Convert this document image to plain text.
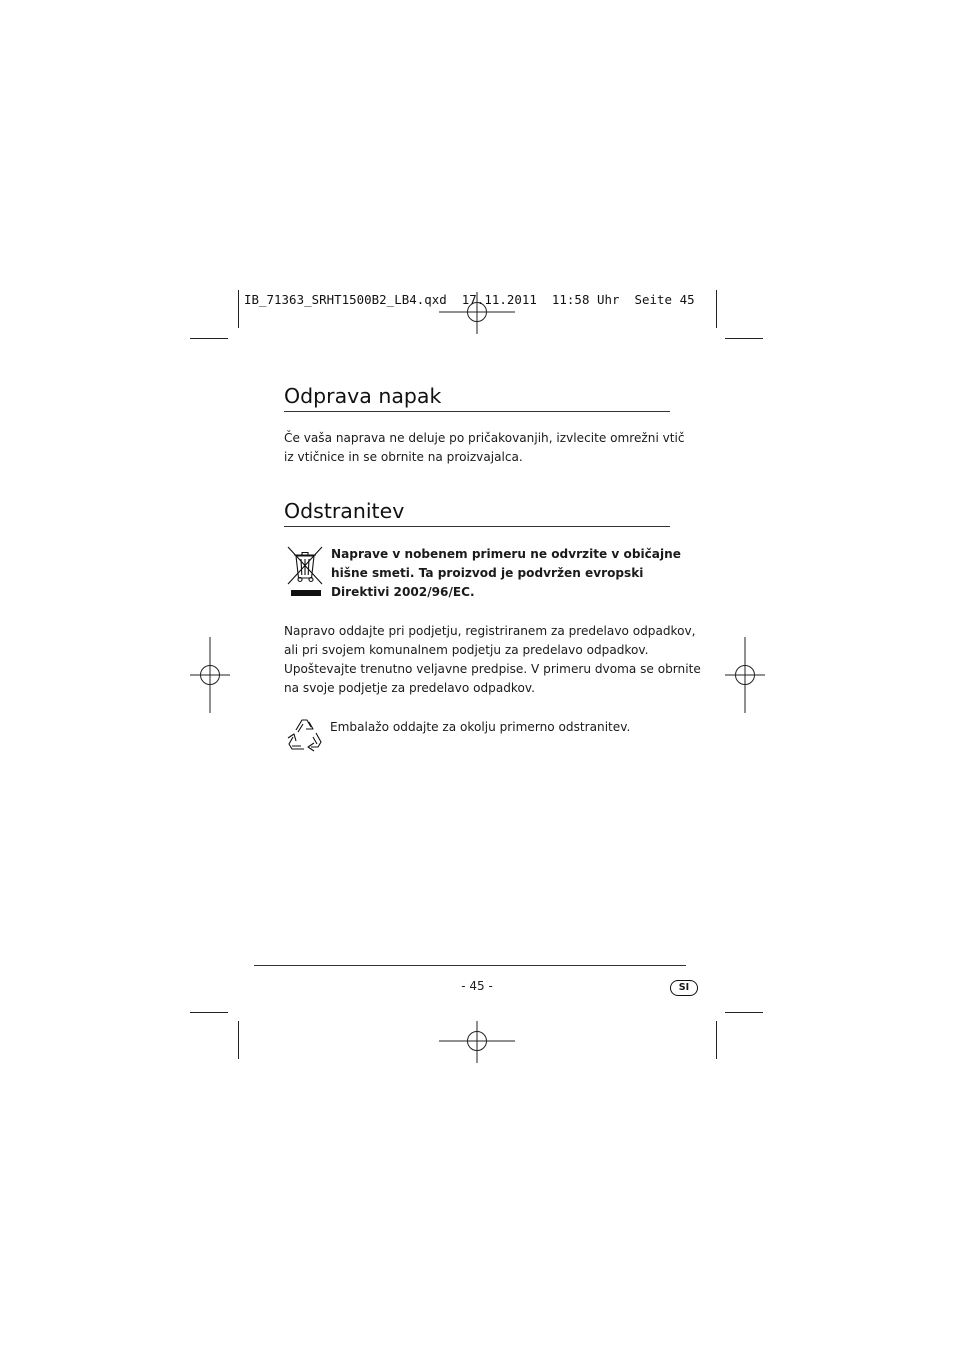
IB_71363_SRHT1500B2_LB4.qxd  17.11.2011  11:58 Uhr  Seite 45
Odprava napak

Če vaša naprava ne deluje po pričakovanjih, izvlecite omrežni vtič
iz vtičnice in se obrnite na proizvajalca.

Odstranitev

Naprave v nobenem primeru ne odvrzite v običajne
hišne smeti. Ta proizvod je podvržen evropski
Direktivi 2002/96/EC.

Napravo oddajte pri podjetju, registriranem za predelavo odpadkov,
ali pri svojem komunalnem podjetju za predelavo odpadkov.
Upoštevajte trenutno veljavne predpise. V primeru dvoma se obrnite
na svoje podjetje za predelavo odpadkov.

Embalažo oddajte za okolju primerno odstranitev.

- 45 -	SI
